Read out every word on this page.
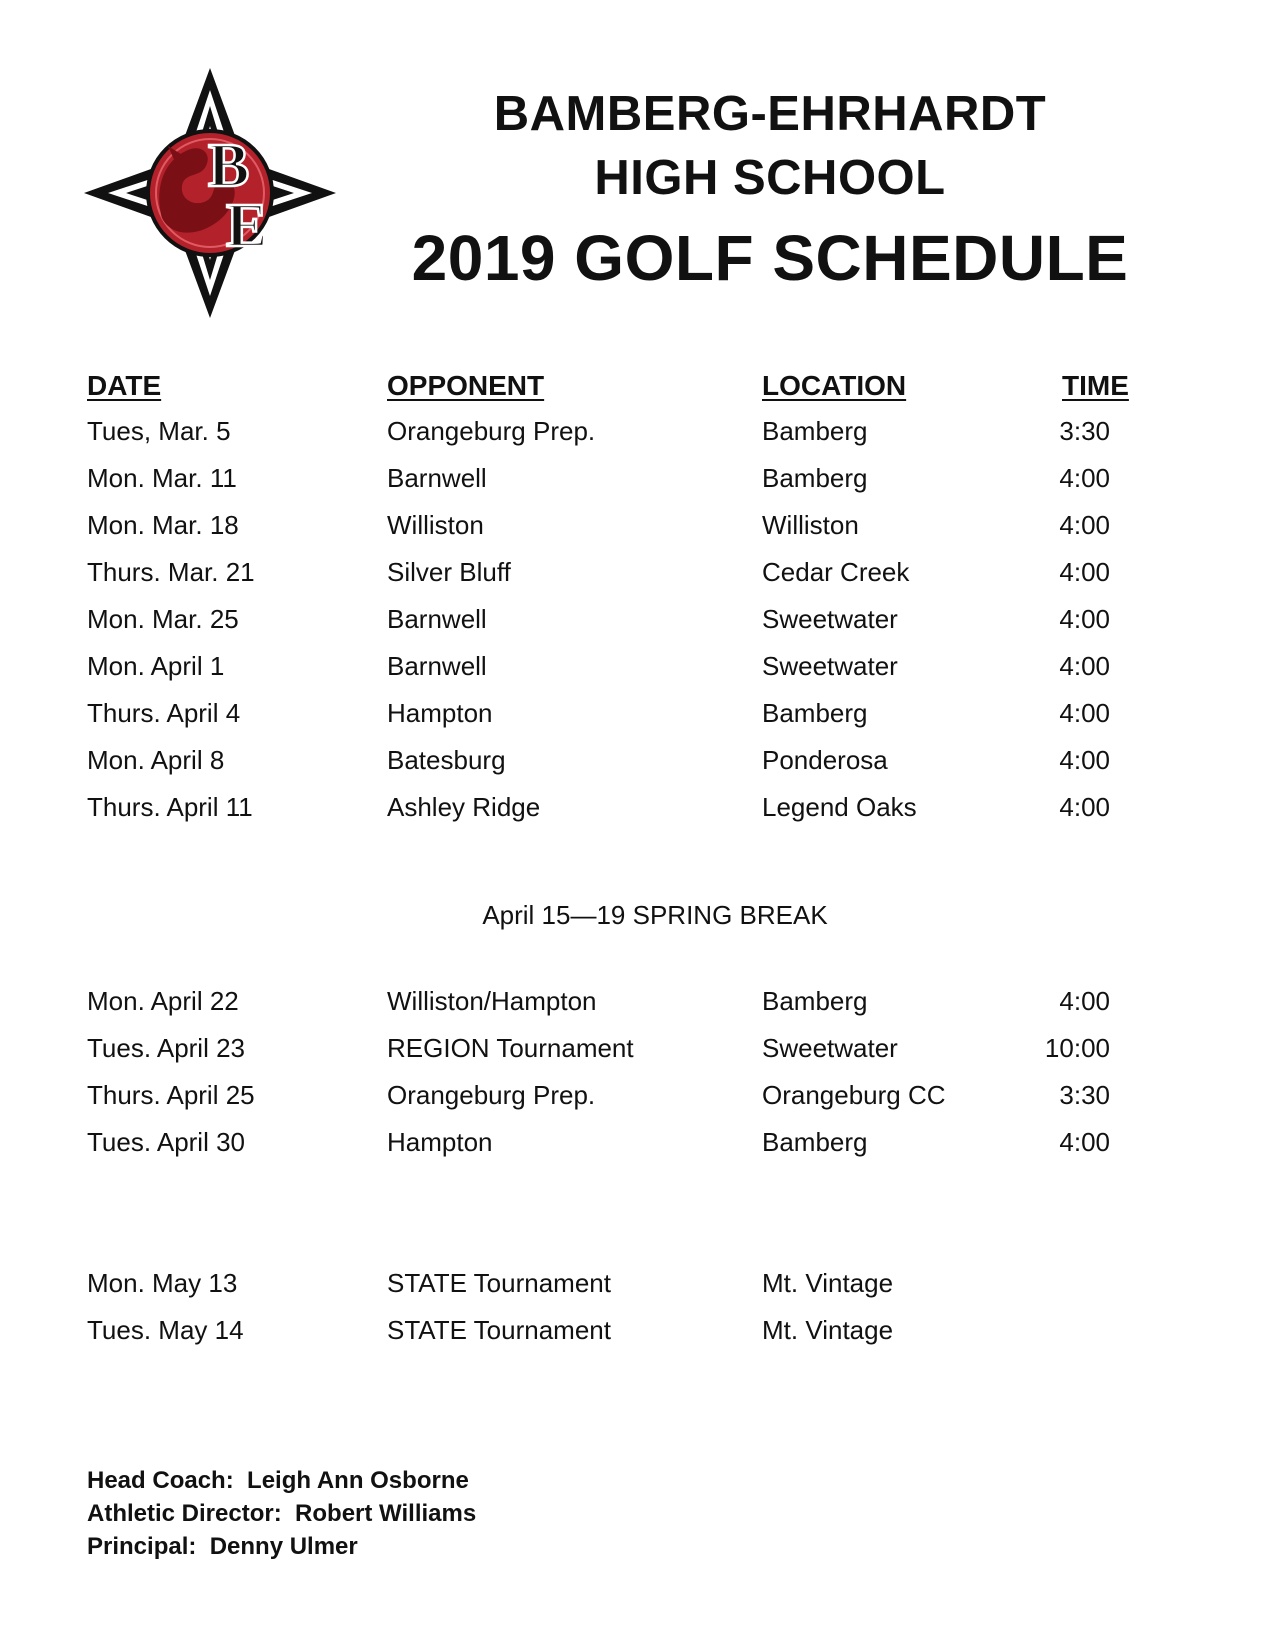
B
E
BAMBERG-EHRHARDT
HIGH SCHOOL
2019 GOLF SCHEDULE
DATE	OPPONENT	LOCATION	TIME
Tues, Mar. 5	Orangeburg Prep.	Bamberg	3:30
Mon. Mar. 11	Barnwell	Bamberg	4:00
Mon. Mar. 18	Williston	Williston	4:00
Thurs. Mar. 21	Silver Bluff	Cedar Creek	4:00
Mon. Mar. 25	Barnwell	Sweetwater	4:00
Mon. April 1	Barnwell	Sweetwater	4:00
Thurs. April 4	Hampton	Bamberg	4:00
Mon. April 8	Batesburg	Ponderosa	4:00
Thurs. April 11	Ashley Ridge	Legend Oaks	4:00
April 15—19 SPRING BREAK
Mon. April 22	Williston/Hampton	Bamberg	4:00
Tues. April 23	REGION Tournament	Sweetwater	10:00
Thurs. April 25	Orangeburg Prep.	Orangeburg CC	3:30
Tues. April 30	Hampton	Bamberg	4:00
Mon. May 13	STATE Tournament	Mt. Vintage
Tues. May 14	STATE Tournament	Mt. Vintage
Head Coach: Leigh Ann Osborne
Athletic Director: Robert Williams
Principal: Denny Ulmer
